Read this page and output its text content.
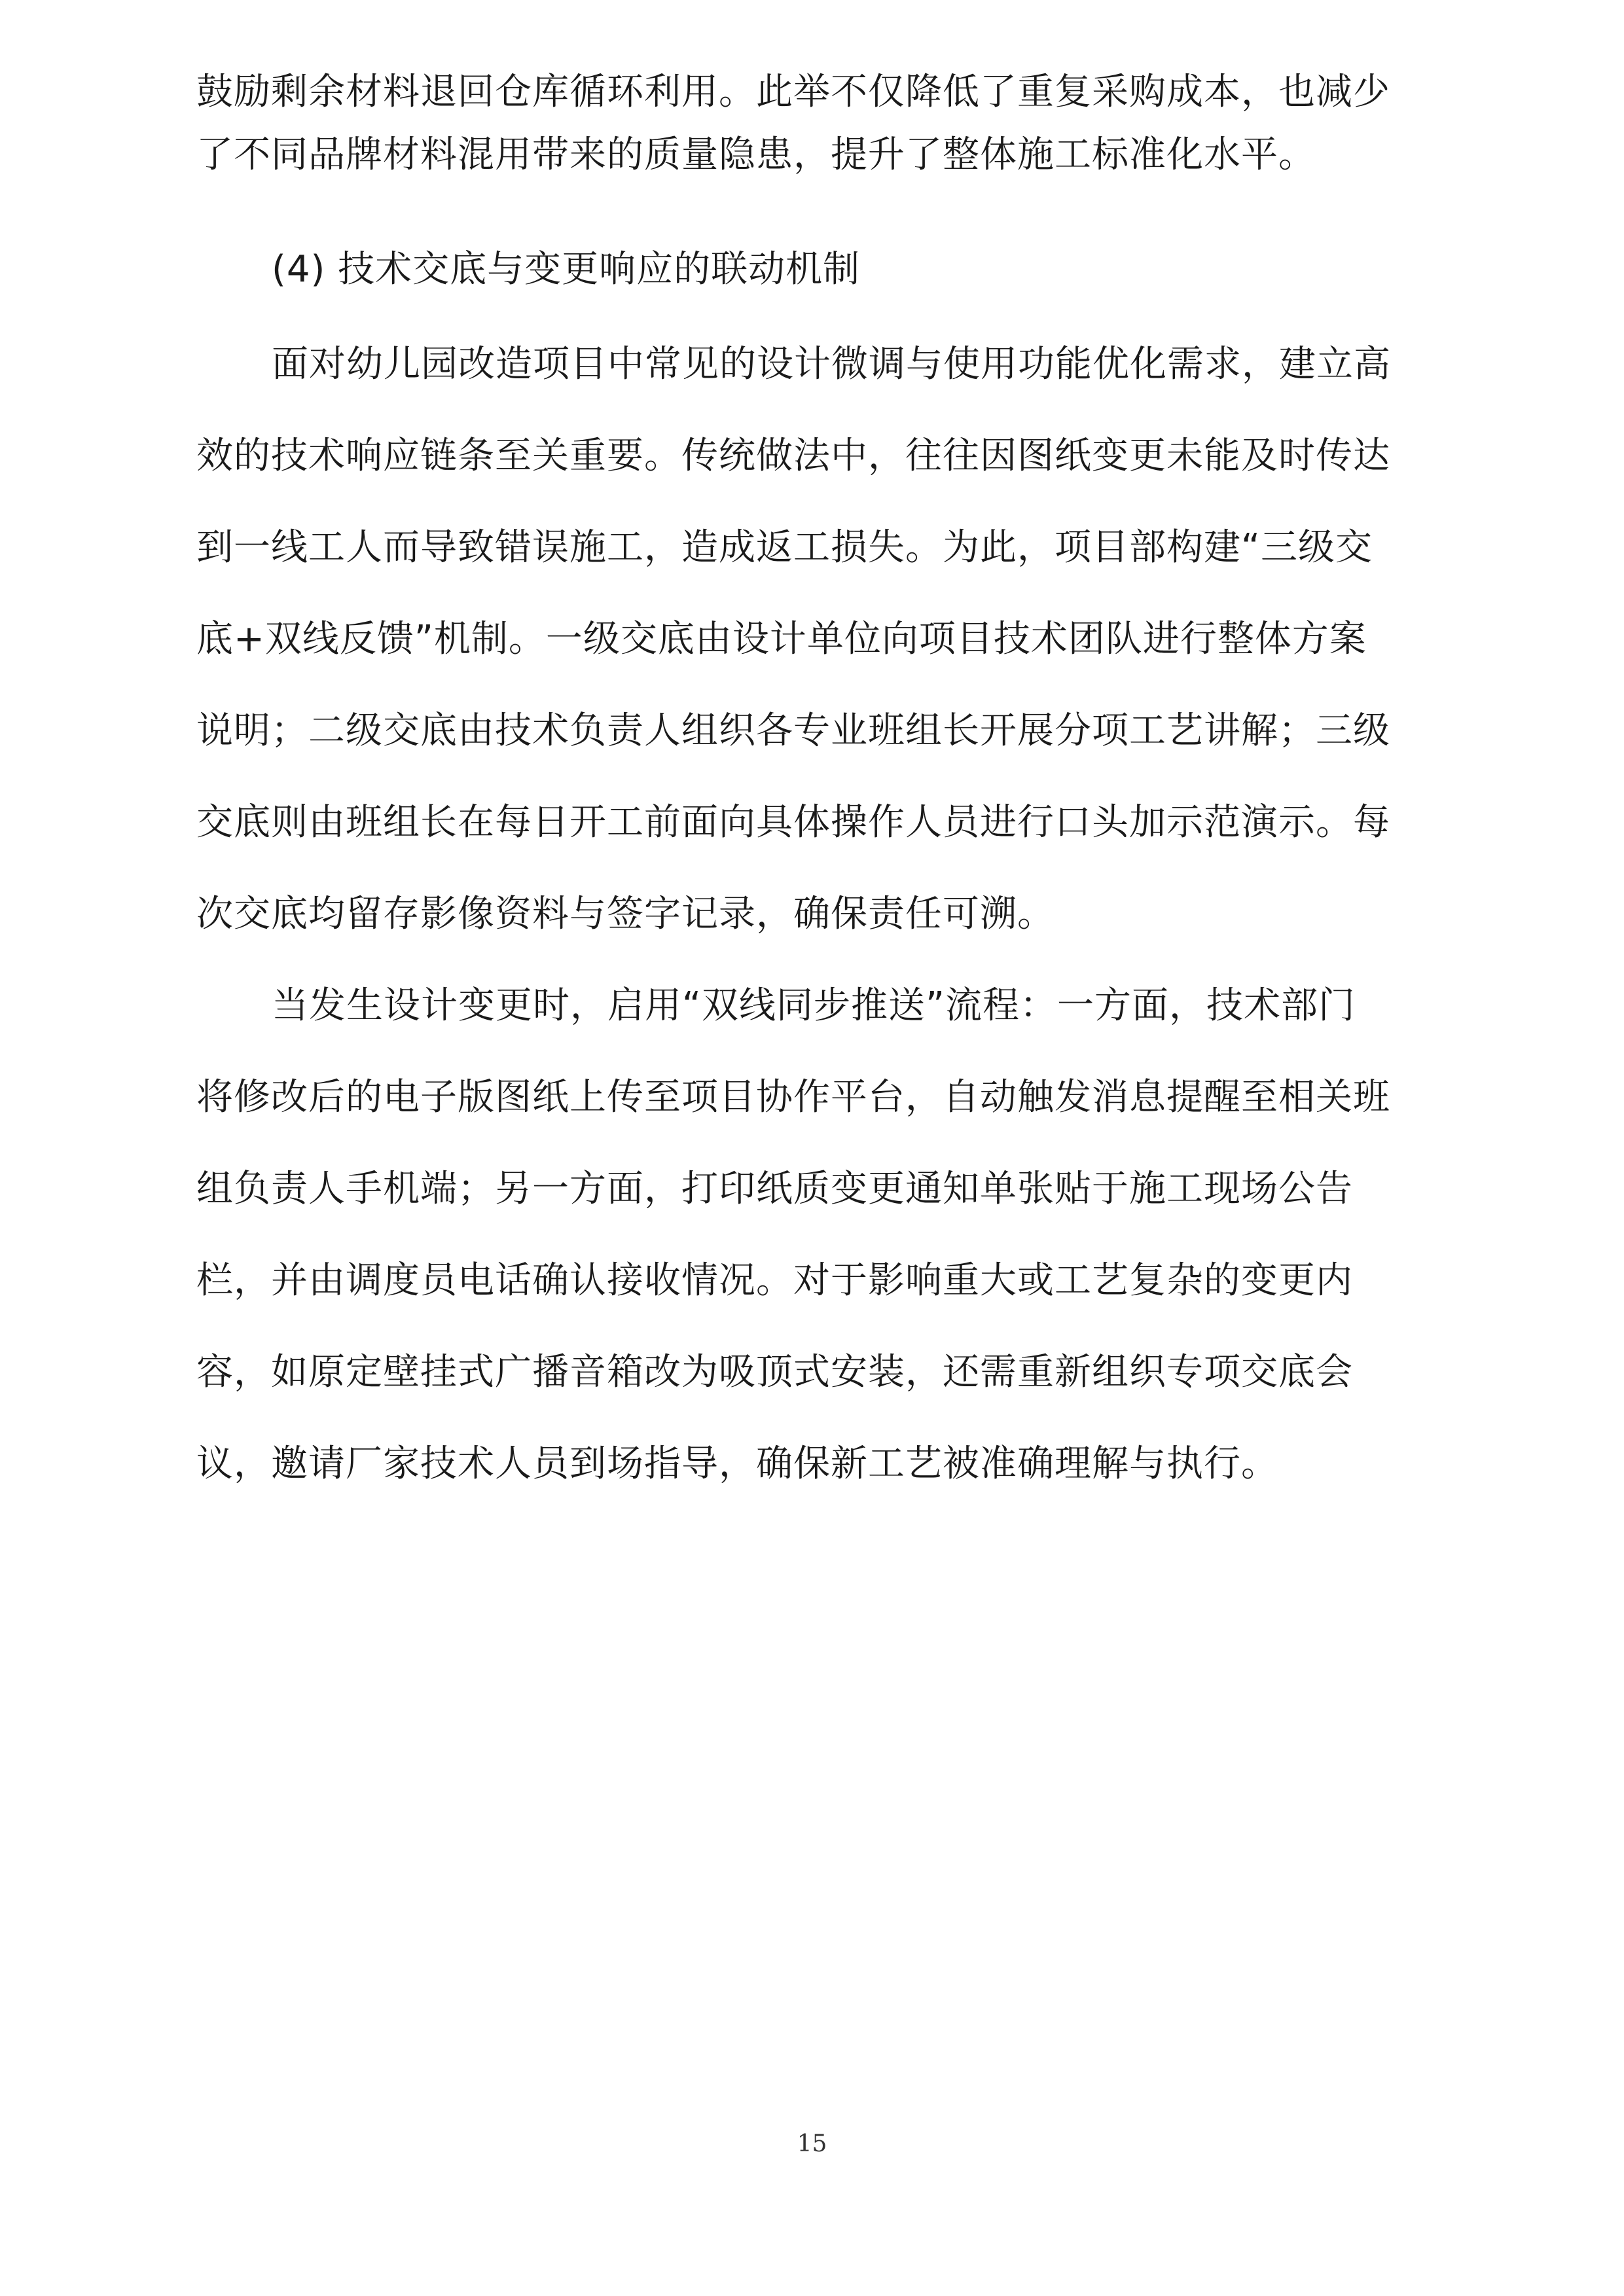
鼓励剩余材料退回仓库循环利用。此举不仅降低了重复采购成本，也减少
了不同品牌材料混用带来的质量隐患，提升了整体施工标准化水平。
(4) 技术交底与变更响应的联动机制
面对幼儿园改造项目中常见的设计微调与使用功能优化需求，建立高
效的技术响应链条至关重要。传统做法中，往往因图纸变更未能及时传达
到一线工人而导致错误施工，造成返工损失。为此，项目部构建“三级交
底+双线反馈”机制。一级交底由设计单位向项目技术团队进行整体方案
说明；二级交底由技术负责人组织各专业班组长开展分项工艺讲解；三级
交底则由班组长在每日开工前面向具体操作人员进行口头加示范演示。每
次交底均留存影像资料与签字记录，确保责任可溯。
当发生设计变更时，启用“双线同步推送”流程：一方面，技术部门
将修改后的电子版图纸上传至项目协作平台，自动触发消息提醒至相关班
组负责人手机端；另一方面，打印纸质变更通知单张贴于施工现场公告
栏，并由调度员电话确认接收情况。对于影响重大或工艺复杂的变更内
容，如原定壁挂式广播音箱改为吸顶式安装，还需重新组织专项交底会
议，邀请厂家技术人员到场指导，确保新工艺被准确理解与执行。
15
